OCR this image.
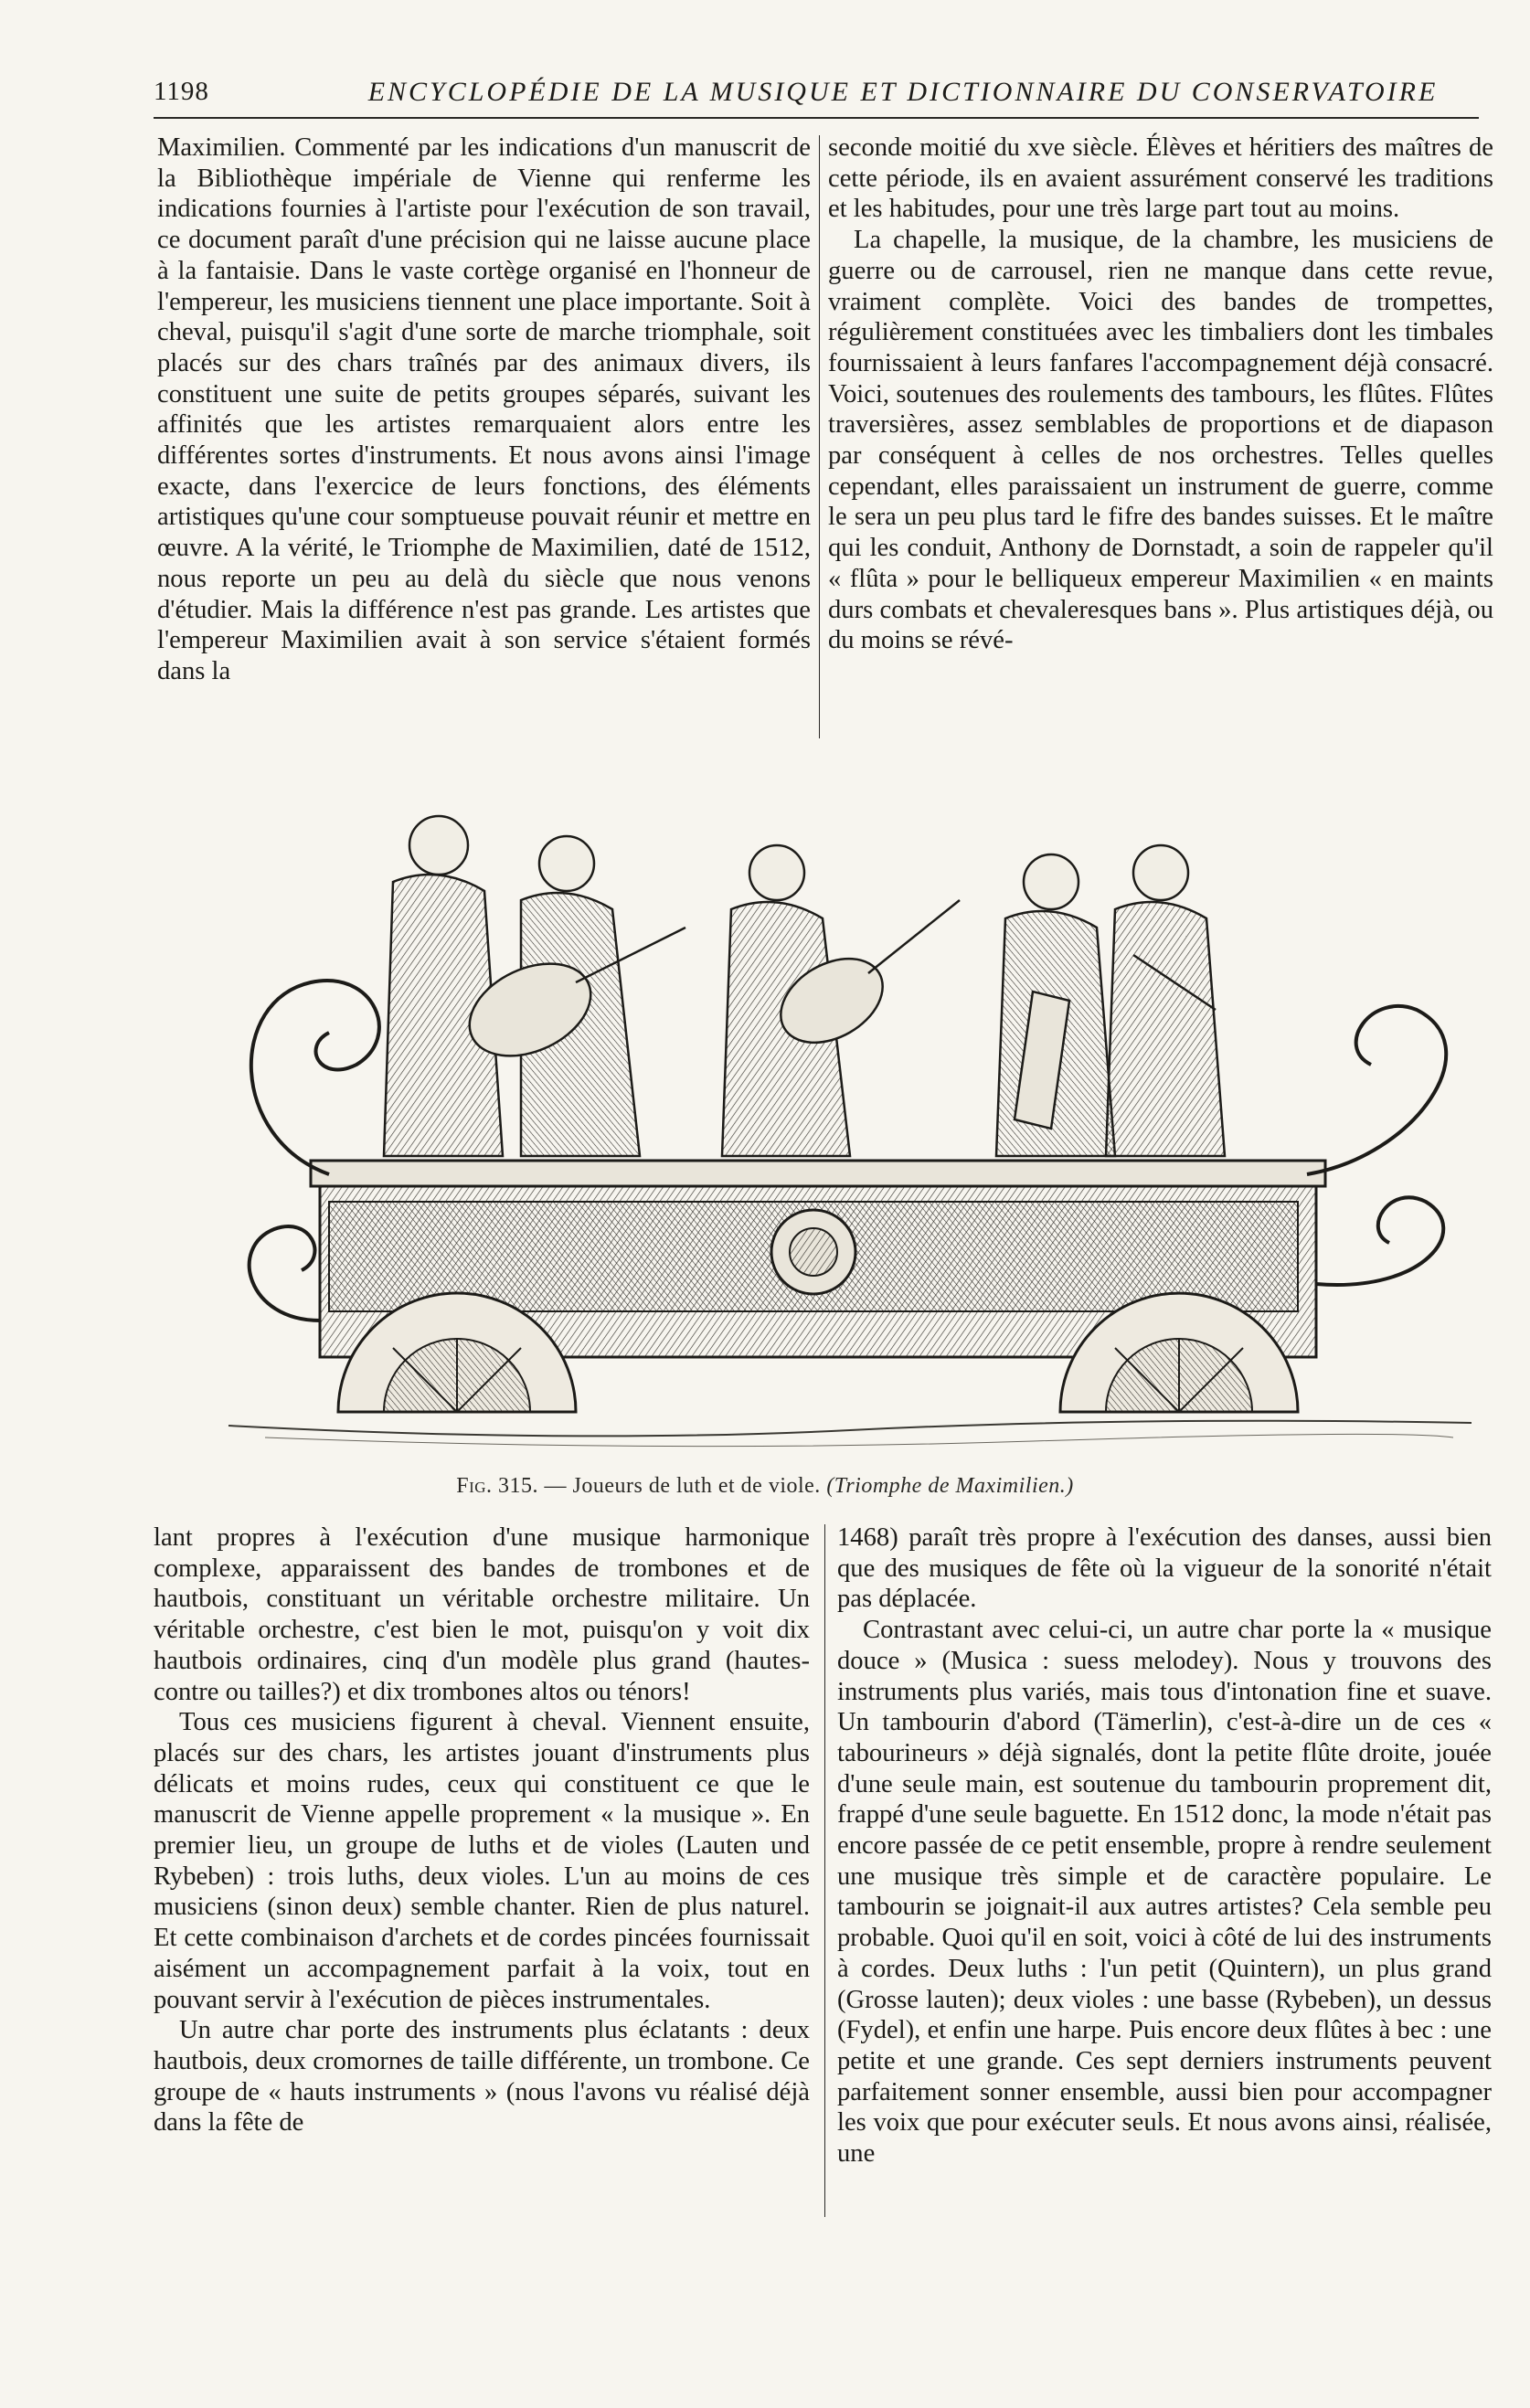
1198	ENCYCLOPÉDIE DE LA MUSIQUE ET DICTIONNAIRE DU CONSERVATOIRE

Maximilien. Commenté par les indications d'un manuscrit de la Bibliothèque impériale de Vienne qui renferme les indications fournies à l'artiste pour l'exécution de son travail, ce document paraît d'une précision qui ne laisse aucune place à la fantaisie. Dans le vaste cortège organisé en l'honneur de l'empereur, les musiciens tiennent une place importante. Soit à cheval, puisqu'il s'agit d'une sorte de marche triomphale, soit placés sur des chars traînés par des animaux divers, ils constituent une suite de petits groupes séparés, suivant les affinités que les artistes remarquaient alors entre les différentes sortes d'instruments. Et nous avons ainsi l'image exacte, dans l'exercice de leurs fonctions, des éléments artistiques qu'une cour somptueuse pouvait réunir et mettre en œuvre. A la vérité, le Triomphe de Maximilien, daté de 1512, nous reporte un peu au delà du siècle que nous venons d'étudier. Mais la différence n'est pas grande. Les artistes que l'empereur Maximilien avait à son service s'étaient formés dans la

seconde moitié du xve siècle. Élèves et héritiers des maîtres de cette période, ils en avaient assurément conservé les traditions et les habitudes, pour une très large part tout au moins.

La chapelle, la musique, de la chambre, les musiciens de guerre ou de carrousel, rien ne manque dans cette revue, vraiment complète. Voici des bandes de trompettes, régulièrement constituées avec les timbaliers dont les timbales fournissaient à leurs fanfares l'accompagnement déjà consacré. Voici, soutenues des roulements des tambours, les flûtes. Flûtes traversières, assez semblables de proportions et de diapason par conséquent à celles de nos orchestres. Telles quelles cependant, elles paraissaient un instrument de guerre, comme le sera un peu plus tard le fifre des bandes suisses. Et le maître qui les conduit, Anthony de Dornstadt, a soin de rappeler qu'il « flûta » pour le belliqueux empereur Maximilien « en maints durs combats et chevaleresques bans ». Plus artistiques déjà, ou du moins se révé-

Fig. 315. — Joueurs de luth et de viole. (Triomphe de Maximilien.)

lant propres à l'exécution d'une musique harmonique complexe, apparaissent des bandes de trombones et de hautbois, constituant un véritable orchestre militaire. Un véritable orchestre, c'est bien le mot, puisqu'on y voit dix hautbois ordinaires, cinq d'un modèle plus grand (hautes-contre ou tailles?) et dix trombones altos ou ténors!

Tous ces musiciens figurent à cheval. Viennent ensuite, placés sur des chars, les artistes jouant d'instruments plus délicats et moins rudes, ceux qui constituent ce que le manuscrit de Vienne appelle proprement « la musique ». En premier lieu, un groupe de luths et de violes (Lauten und Rybeben) : trois luths, deux violes. L'un au moins de ces musiciens (sinon deux) semble chanter. Rien de plus naturel. Et cette combinaison d'archets et de cordes pincées fournissait aisément un accompagnement parfait à la voix, tout en pouvant servir à l'exécution de pièces instrumentales.

Un autre char porte des instruments plus éclatants : deux hautbois, deux cromornes de taille différente, un trombone. Ce groupe de « hauts instruments » (nous l'avons vu réalisé déjà dans la fête de

1468) paraît très propre à l'exécution des danses, aussi bien que des musiques de fête où la vigueur de la sonorité n'était pas déplacée.

Contrastant avec celui-ci, un autre char porte la « musique douce » (Musica : suess melodey). Nous y trouvons des instruments plus variés, mais tous d'intonation fine et suave. Un tambourin d'abord (Tämerlin), c'est-à-dire un de ces « tabourineurs » déjà signalés, dont la petite flûte droite, jouée d'une seule main, est soutenue du tambourin proprement dit, frappé d'une seule baguette. En 1512 donc, la mode n'était pas encore passée de ce petit ensemble, propre à rendre seulement une musique très simple et de caractère populaire. Le tambourin se joignait-il aux autres artistes? Cela semble peu probable. Quoi qu'il en soit, voici à côté de lui des instruments à cordes. Deux luths : l'un petit (Quintern), un plus grand (Grosse lauten); deux violes : une basse (Rybeben), un dessus (Fydel), et enfin une harpe. Puis encore deux flûtes à bec : une petite et une grande. Ces sept derniers instruments peuvent parfaitement sonner ensemble, aussi bien pour accompagner les voix que pour exécuter seuls. Et nous avons ainsi, réalisée, une
